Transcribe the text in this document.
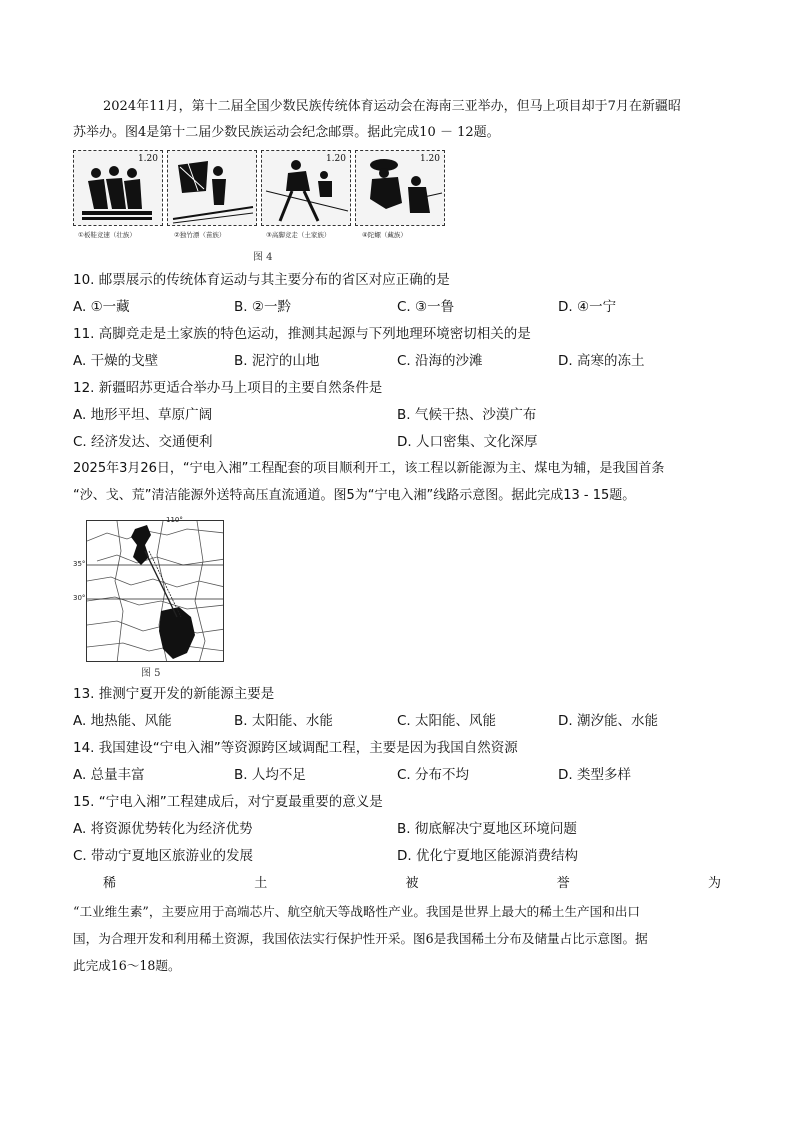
2024年11月，第十二届全国少数民族传统体育运动会在海南三亚举办，但马上项目却于7月在新疆昭
苏举办。图4是第十二届少数民族运动会纪念邮票。据此完成10 － 12题。
1.20	1.20	1.20
①板鞋竞速（壮族）	②独竹漂（苗族）	③高脚竞走（土家族）	④陀螺（藏族）
图 4
10. 邮票展示的传统体育运动与其主要分布的省区对应正确的是
A. ①一藏	B. ②一黔	C. ③一鲁	D. ④一宁
11. 高脚竞走是土家族的特色运动，推测其起源与下列地理环境密切相关的是
A. 干燥的戈壁	B. 泥泞的山地	C. 沿海的沙滩	D. 高寒的冻土
12. 新疆昭苏更适合举办马上项目的主要自然条件是
A. 地形平坦、草原广阔	B. 气候干热、沙漠广布
C. 经济发达、交通便利	D. 人口密集、文化深厚
2025年3月26日，“宁电入湘”工程配套的项目顺利开工，该工程以新能源为主、煤电为辅，是我国首条
“沙、戈、荒”清洁能源外送特高压直流通道。图5为“宁电入湘”线路示意图。据此完成13 - 15题。
110°
35°
30°
图 5
13. 推测宁夏开发的新能源主要是
A. 地热能、风能	B. 太阳能、水能	C. 太阳能、风能	D. 潮汐能、水能
14. 我国建设“宁电入湘”等资源跨区域调配工程，主要是因为我国自然资源
A. 总量丰富	B. 人均不足	C. 分布不均	D. 类型多样
15. “宁电入湘”工程建成后，对宁夏最重要的意义是
A. 将资源优势转化为经济优势	B. 彻底解决宁夏地区环境问题
C. 带动宁夏地区旅游业的发展	D. 优化宁夏地区能源消费结构
稀	土	被	誉	为
“工业维生素”，主要应用于高端芯片、航空航天等战略性产业。我国是世界上最大的稀土生产国和出口
国，为合理开发和利用稀土资源，我国依法实行保护性开采。图6是我国稀土分布及储量占比示意图。据
此完成16～18题。
